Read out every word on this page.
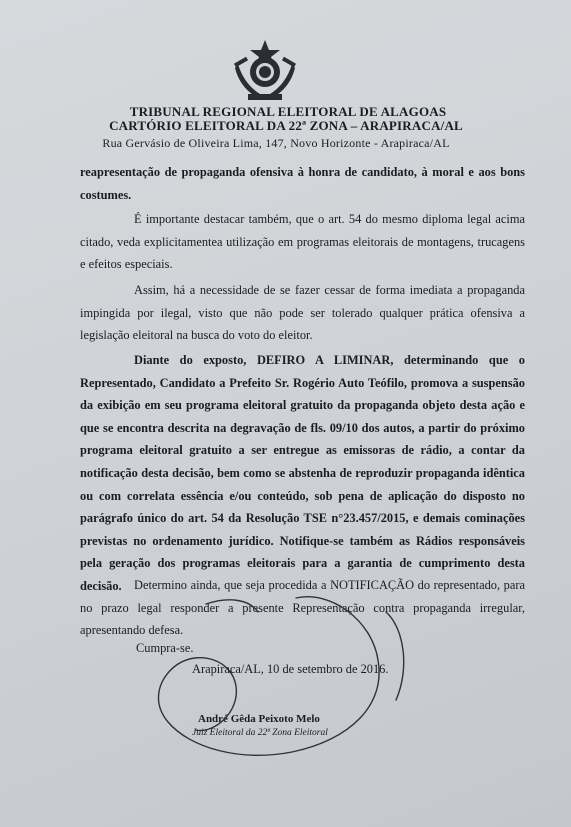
TRIBUNAL REGIONAL ELEITORAL DE ALAGOAS
CARTÓRIO ELEITORAL DA 22ª ZONA – ARAPIRACA/AL
Rua Gervásio de Oliveira Lima, 147, Novo Horizonte - Arapiraca/AL
reapresentação de propaganda ofensiva à honra de candidato, à moral e aos bons costumes.
É importante destacar também, que o art. 54 do mesmo diploma legal acima citado, veda explicitamentea utilização em programas eleitorais de montagens, trucagens e efeitos especiais.
Assim, há a necessidade de se fazer cessar de forma imediata a propaganda impingida por ilegal, visto que não pode ser tolerado qualquer prática ofensiva a legislação eleitoral na busca do voto do eleitor.
Diante do exposto, DEFIRO A LIMINAR, determinando que o Representado, Candidato a Prefeito Sr. Rogério Auto Teófilo, promova a suspensão da exibição em seu programa eleitoral gratuito da propaganda objeto desta ação e que se encontra descrita na degravação de fls. 09/10 dos autos, a partir do próximo programa eleitoral gratuito a ser entregue as emissoras de rádio, a contar da notificação desta decisão, bem como se abstenha de reproduzir propaganda idêntica ou com correlata essência e/ou conteúdo, sob pena de aplicação do disposto no parágrafo único do art. 54 da Resolução TSE n°23.457/2015, e demais cominações previstas no ordenamento jurídico. Notifique-se também as Rádios responsáveis pela geração dos programas eleitorais para a garantia de cumprimento desta decisão. Determino ainda, que seja procedida a NOTIFICAÇÃO do representado, para no prazo legal responder a presente Representação contra propaganda irregular, apresentando defesa.
Cumpra-se.
Arapiraca/AL, 10 de setembro de 2016.
André Gêda Peixoto Melo
Juiz Eleitoral da 22ª Zona Eleitoral
